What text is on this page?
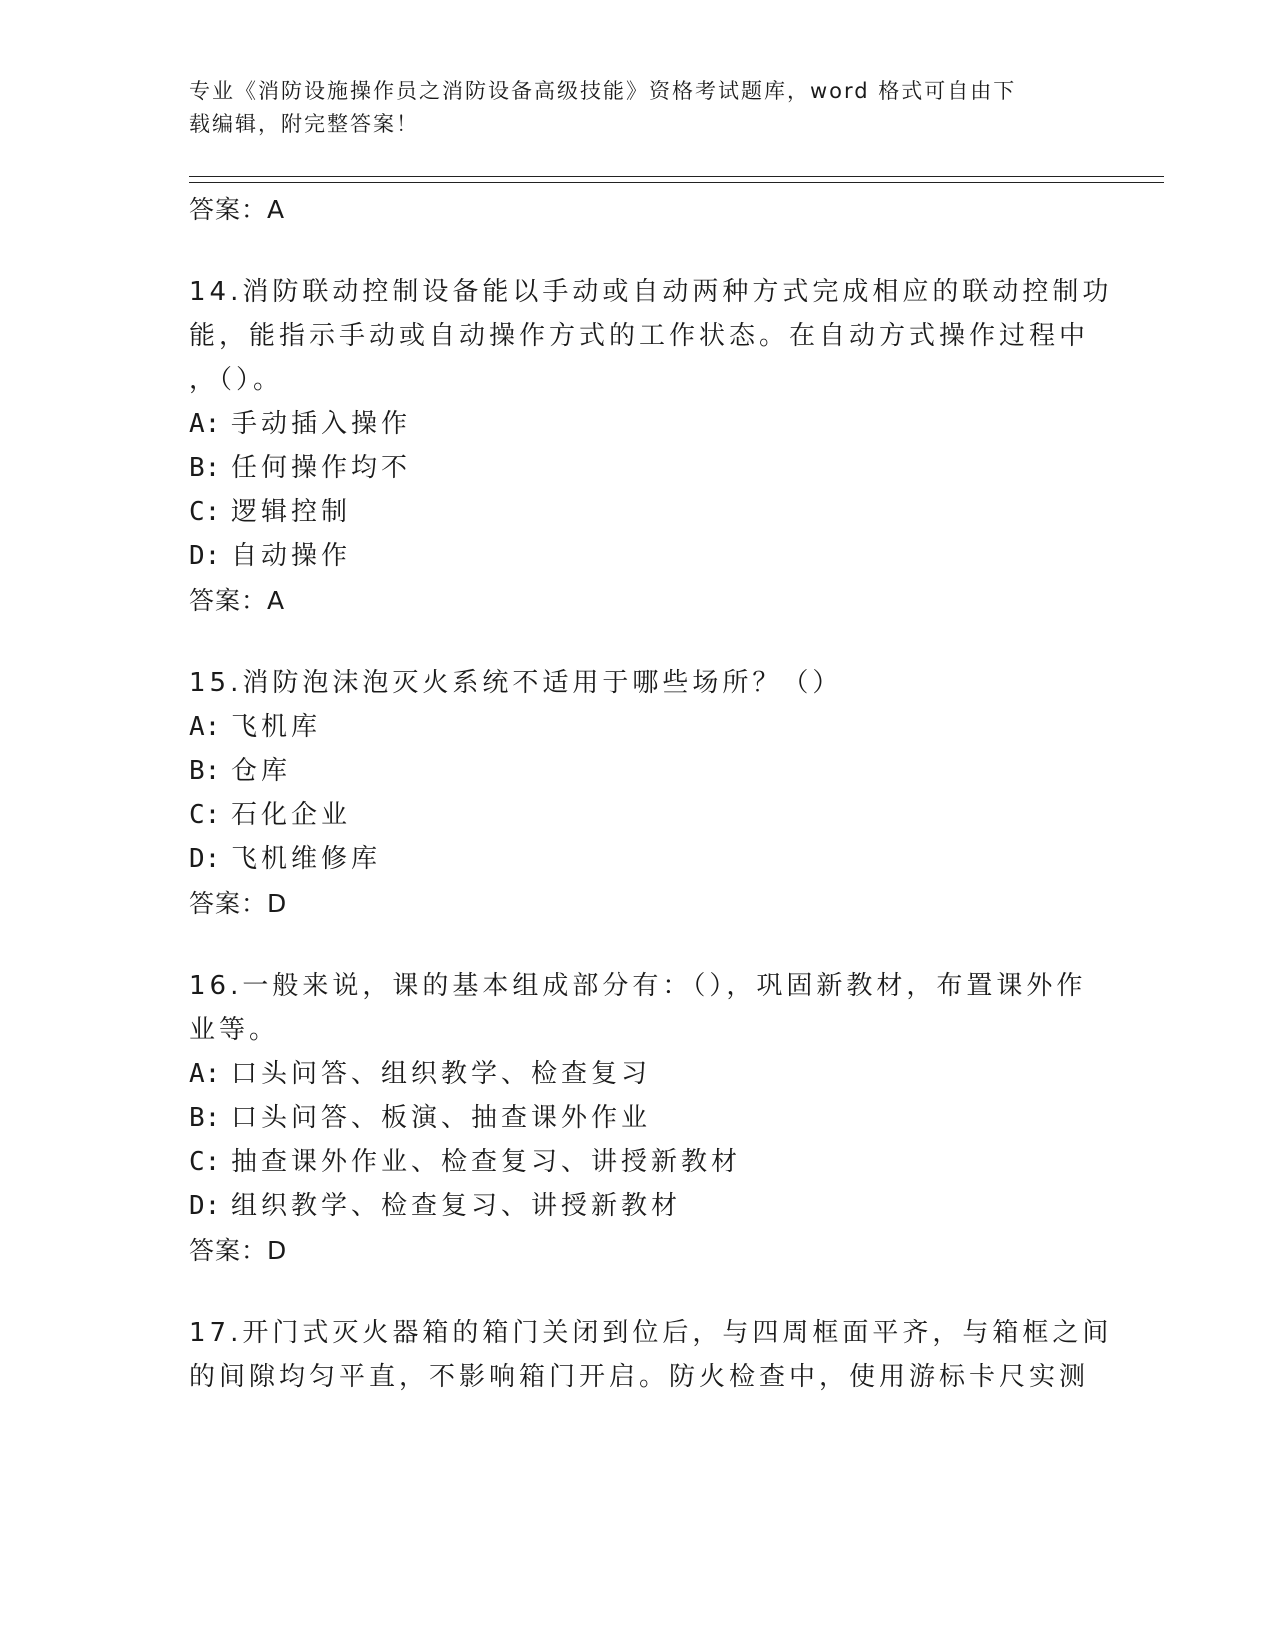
专业《消防设施操作员之消防设备高级技能》资格考试题库，word 格式可自由下
载编辑，附完整答案！
答案：A
14.消防联动控制设备能以手动或自动两种方式完成相应的联动控制功
能，能指示手动或自动操作方式的工作状态。在自动方式操作过程中
，（）。
A: 手动插入操作
B: 任何操作均不
C: 逻辑控制
D: 自动操作
答案：A
15.消防泡沫泡灭火系统不适用于哪些场所？（）
A: 飞机库
B: 仓库
C: 石化企业
D: 飞机维修库
答案：D
16.一般来说，课的基本组成部分有：（），巩固新教材，布置课外作
业等。
A: 口头问答、组织教学、检查复习
B: 口头问答、板演、抽查课外作业
C: 抽查课外作业、检查复习、讲授新教材
D: 组织教学、检查复习、讲授新教材
答案：D
17.开门式灭火器箱的箱门关闭到位后，与四周框面平齐，与箱框之间
的间隙均匀平直，不影响箱门开启。防火检查中，使用游标卡尺实测
